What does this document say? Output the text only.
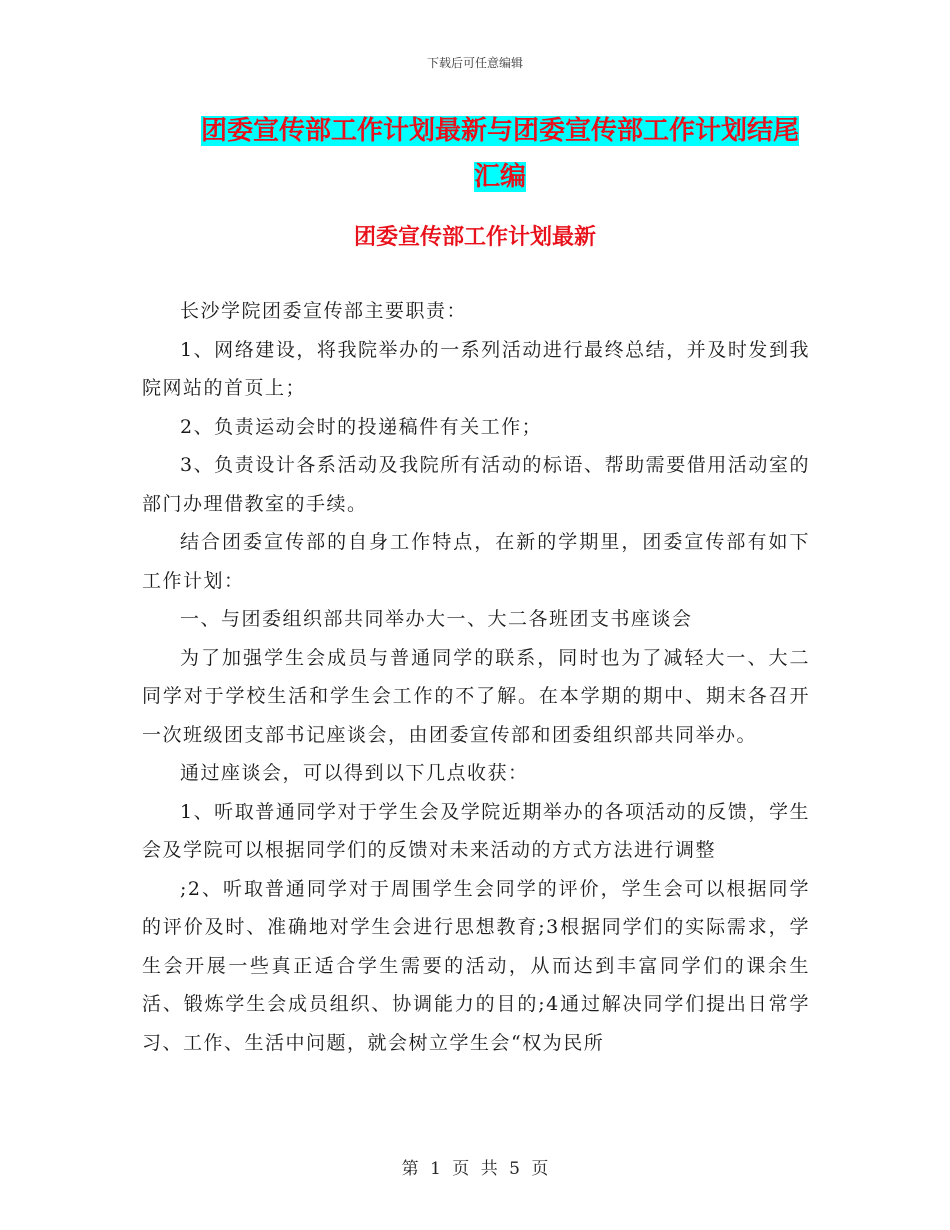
下载后可任意编辑
团委宣传部工作计划最新与团委宣传部工作计划结尾
汇编
团委宣传部工作计划最新

长沙学院团委宣传部主要职责：

1、网络建设，将我院举办的一系列活动进行最终总结，并及时发到我院网站的首页上；

2、负责运动会时的投递稿件有关工作；

3、负责设计各系活动及我院所有活动的标语、帮助需要借用活动室的部门办理借教室的手续。

结合团委宣传部的自身工作特点，在新的学期里，团委宣传部有如下工作计划：

一、与团委组织部共同举办大一、大二各班团支书座谈会

为了加强学生会成员与普通同学的联系，同时也为了减轻大一、大二同学对于学校生活和学生会工作的不了解。在本学期的期中、期末各召开一次班级团支部书记座谈会，由团委宣传部和团委组织部共同举办。

通过座谈会，可以得到以下几点收获：

1、听取普通同学对于学生会及学院近期举办的各项活动的反馈，学生会及学院可以根据同学们的反馈对未来活动的方式方法进行调整

;2、听取普通同学对于周围学生会同学的评价，学生会可以根据同学的评价及时、准确地对学生会进行思想教育;3根据同学们的实际需求，学生会开展一些真正适合学生需要的活动，从而达到丰富同学们的课余生活、锻炼学生会成员组织、协调能力的目的;4通过解决同学们提出日常学习、工作、生活中问题，就会树立学生会“权为民所

第 1 页 共 5 页
